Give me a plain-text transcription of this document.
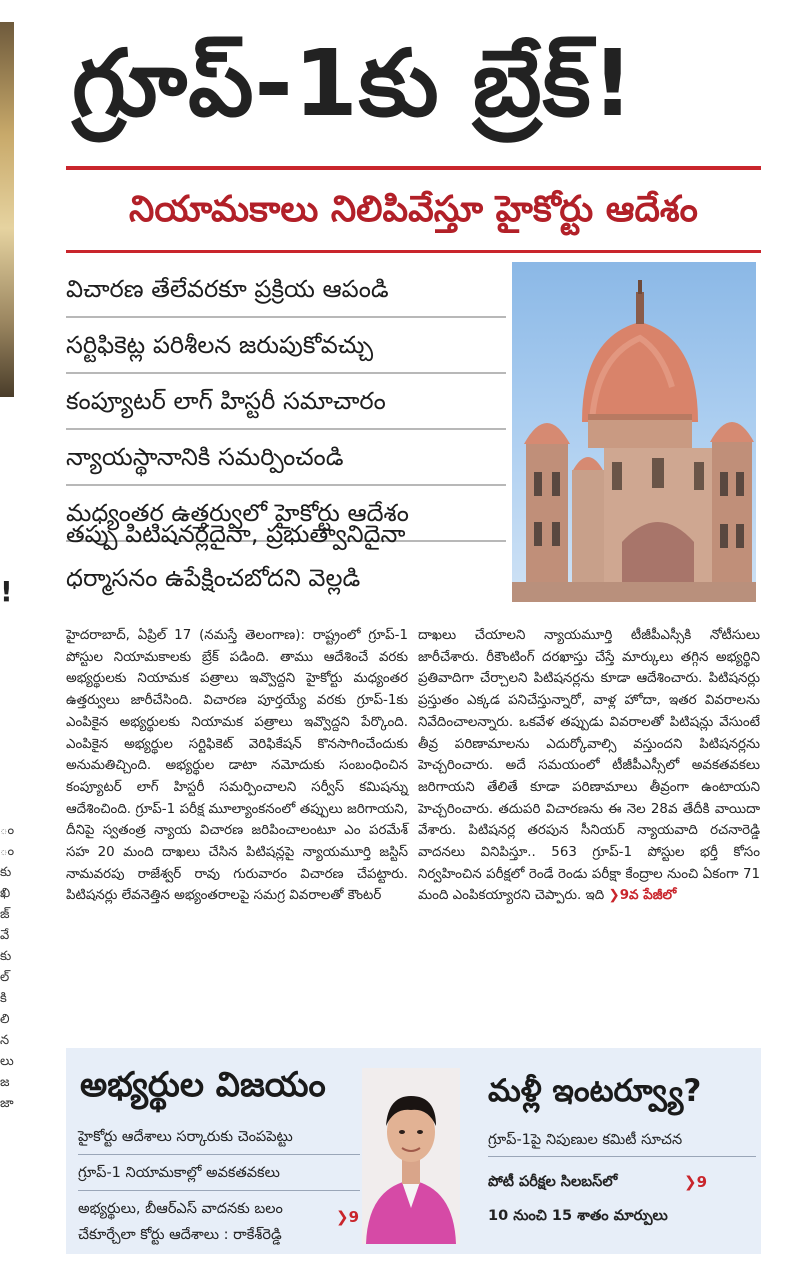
!
ం
ం
కు
ఖి
జ్
వే
కు
ల్
కి
లి
న
లు
జ
జా
గ్రూప్-1కు బ్రేక్!
నియామకాలు నిలిపివేస్తూ హైకోర్టు ఆదేశం
విచారణ తేలేవరకూ ప్రక్రియ ఆపండి
సర్టిఫికెట్ల పరిశీలన జరుపుకోవచ్చు
కంప్యూటర్ లాగ్ హిస్టరీ సమాచారం
న్యాయస్థానానికి సమర్పించండి
మధ్యంతర ఉత్తర్వులో హైకోర్టు ఆదేశం
తప్పు పిటిషనర్లదైనా, ప్రభుత్వానిదైనా
ధర్మాసనం ఉపేక్షించబోదని వెల్లడి
హైదరాబాద్, ఏప్రిల్ 17 (నమస్తే తెలంగాణ): రాష్ట్రంలో గ్రూప్-1 పోస్టుల నియామకాలకు బ్రేక్ పడింది. తాము ఆదేశించే వరకు అభ్యర్థులకు నియామక పత్రాలు ఇవ్వొద్దని హైకోర్టు మధ్యంతర ఉత్తర్వులు జారీచేసింది. విచారణ పూర్తయ్యే వరకు గ్రూప్-1కు ఎంపికైన అభ్యర్థులకు నియామక పత్రాలు ఇవ్వొద్దని పేర్కొంది. ఎంపికైన అభ్యర్థుల సర్టిఫికెట్ వెరిఫికేషన్ కొనసాగించేందుకు అనుమతిచ్చింది. అభ్యర్థుల డాటా నమోదుకు సంబంధించిన కంప్యూటర్ లాగ్ హిస్టరీ సమర్పించాలని సర్వీస్ కమిషన్ను ఆదేశించింది. గ్రూప్-1 పరీక్ష మూల్యాంకనంలో తప్పులు జరిగాయని, దీనిపై స్వతంత్ర న్యాయ విచారణ జరిపించాలంటూ ఎం పరమేశ్ సహ 20 మంది దాఖలు చేసిన పిటిషన్లపై న్యాయమూర్తి జస్టిస్ నామవరపు రాజేశ్వర్ రావు గురువారం విచారణ చేపట్టారు. పిటిషనర్లు లేవనెత్తిన అభ్యంతరాలపై సమగ్ర వివరాలతో కౌంటర్
దాఖలు చేయాలని న్యాయమూర్తి టీజీపీఎస్సీకి నోటీసులు జారీచేశారు. రీకౌంటింగ్ దరఖాస్తు చేస్తే మార్కులు తగ్గిన అభ్యర్థిని ప్రతివాదిగా చేర్చాలని పిటిషనర్లను కూడా ఆదేశించారు. పిటిషనర్లు ప్రస్తుతం ఎక్కడ పనిచేస్తున్నారో, వాళ్ల హోదా, ఇతర వివరాలను నివేదించాలన్నారు. ఒకవేళ తప్పుడు వివరాలతో పిటిషన్లు వేసుంటే తీవ్ర పరిణామాలను ఎదుర్కోవాల్సి వస్తుందని పిటిషనర్లను హెచ్చరించారు. అదే సమయంలో టీజీపీఎస్సీలో అవకతవకలు జరిగాయని తేలితే కూడా పరిణామాలు తీవ్రంగా ఉంటాయని హెచ్చరించారు. తదుపరి విచారణను ఈ నెల 28వ తేదీకి వాయిదా వేశారు. పిటిషనర్ల తరపున సీనియర్ న్యాయవాది రచనారెడ్డి వాదనలు వినిపిస్తూ.. 563 గ్రూప్-1 పోస్టుల భర్తీ కోసం నిర్వహించిన పరీక్షలో రెండే రెండు పరీక్షా కేంద్రాల నుంచి ఏకంగా 71 మంది ఎంపికయ్యారని చెప్పారు. ఇది ❯9వ పేజీలో
అభ్యర్థుల విజయం
హైకోర్టు ఆదేశాలు సర్కారుకు చెంపపెట్టు
గ్రూప్-1 నియామకాల్లో అవకతవకలు
అభ్యర్థులు, బీఆర్ఎస్ వాదనకు బలం
చేకూర్చేలా కోర్టు ఆదేశాలు : రాకేశ్‌రెడ్డి
❯9
మళ్లీ ఇంటర్వ్యూ?
గ్రూప్-1పై నిపుణుల కమిటీ సూచన
పోటీ పరీక్షల సిలబస్‌లో	❯9
10 నుంచి 15 శాతం మార్పులు
